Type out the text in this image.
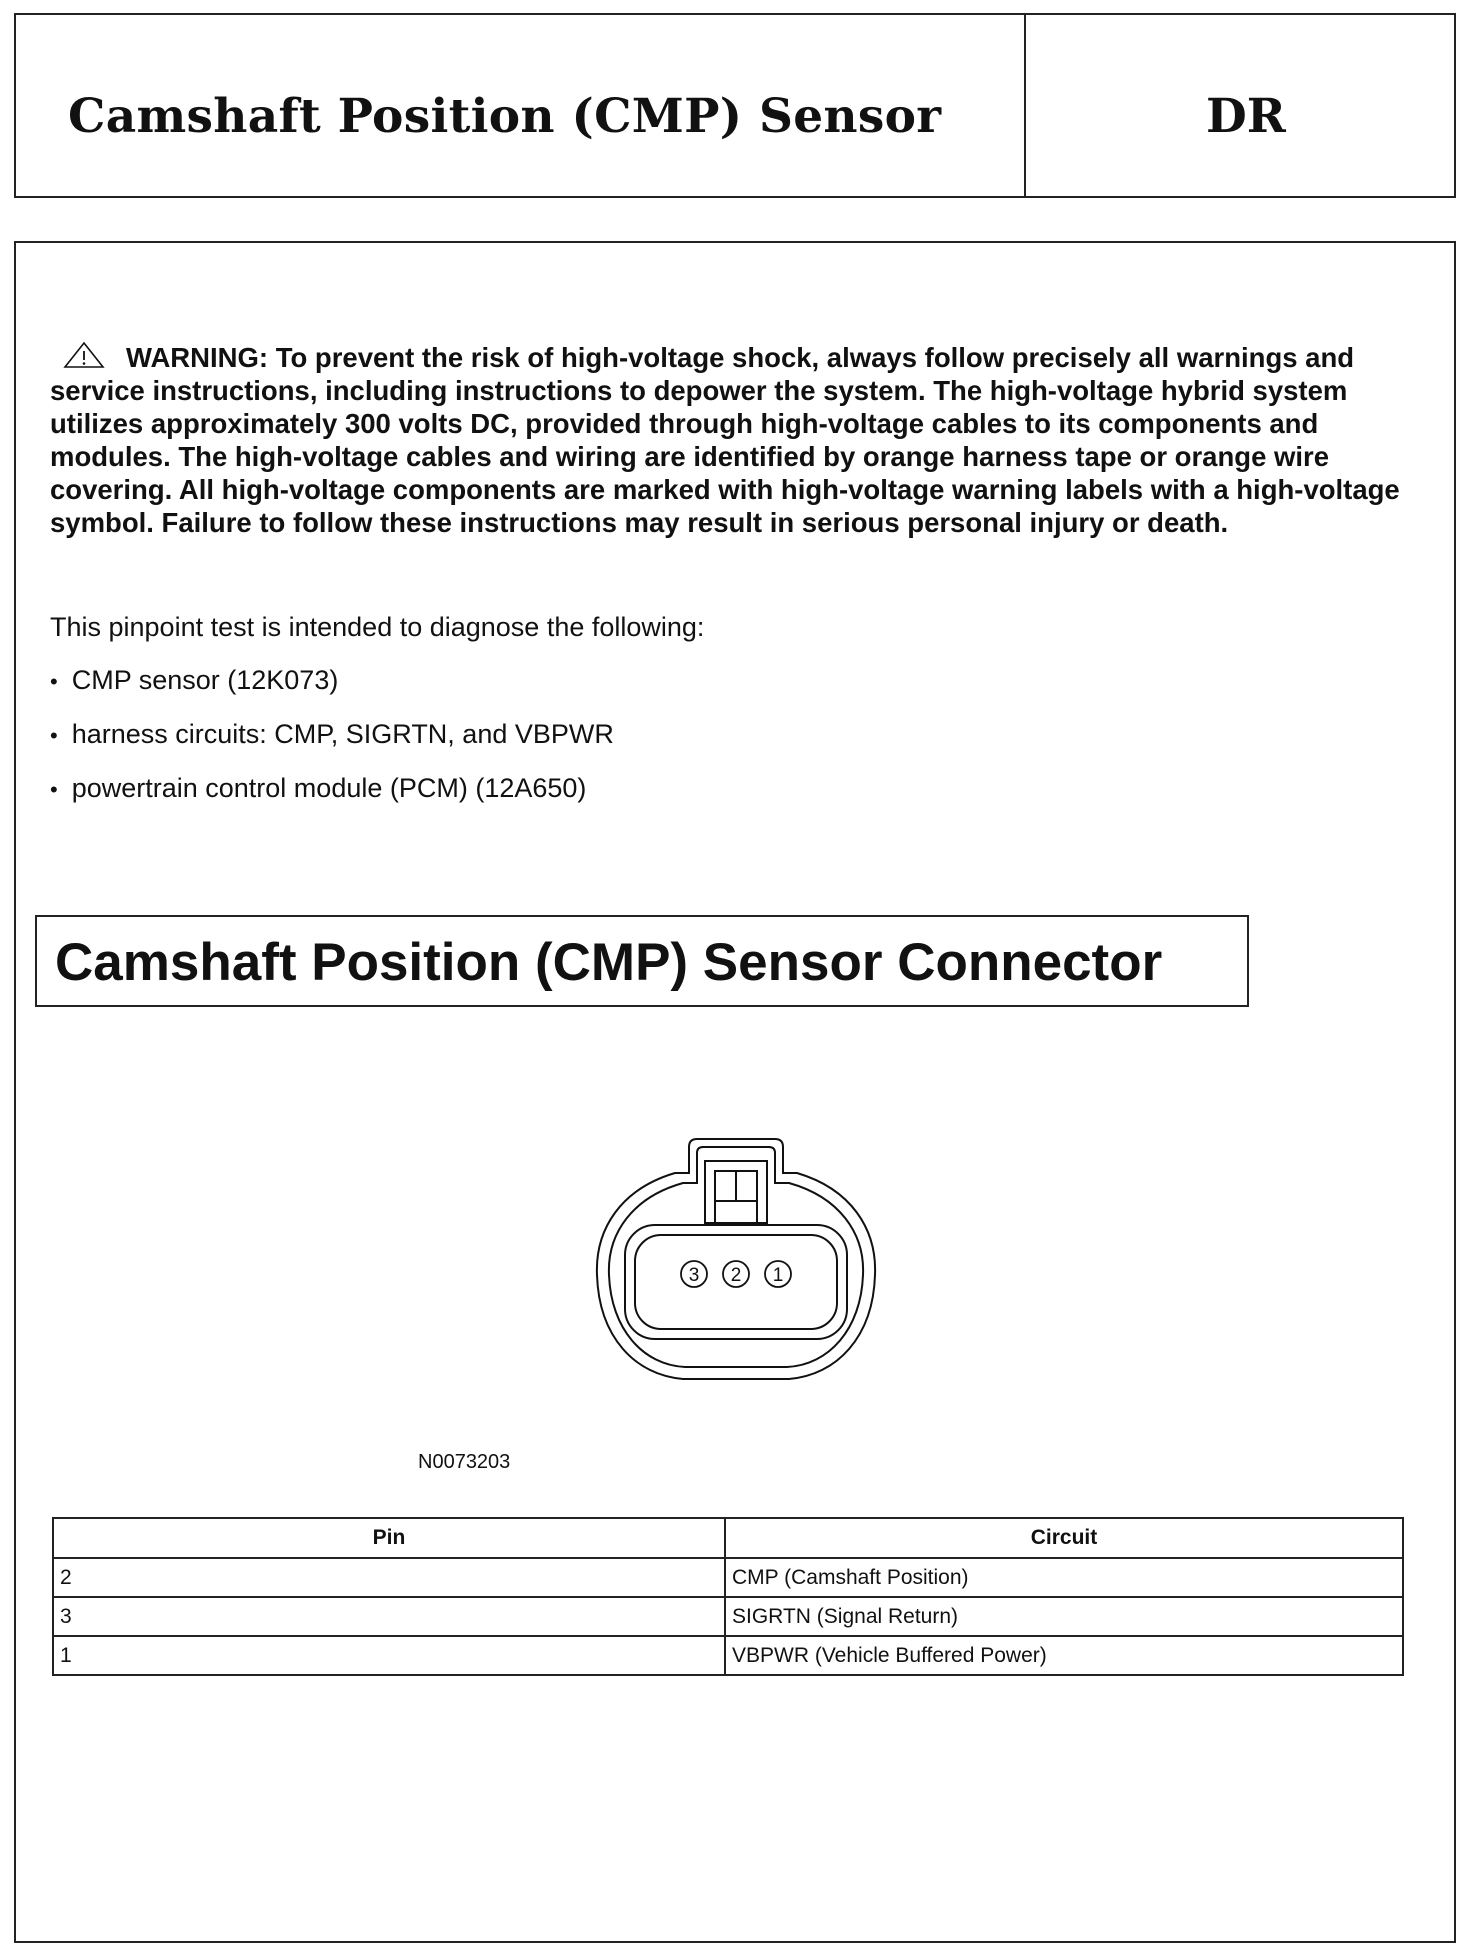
Camshaft Position (CMP) Sensor	DR

WARNING: To prevent the risk of high-voltage shock, always follow precisely all warnings and service instructions, including instructions to depower the system. The high-voltage hybrid system utilizes approximately 300 volts DC, provided through high-voltage cables to its components and modules. The high-voltage cables and wiring are identified by orange harness tape or orange wire covering. All high-voltage components are marked with high-voltage warning labels with a high-voltage symbol. Failure to follow these instructions may result in serious personal injury or death.

This pinpoint test is intended to diagnose the following:

• CMP sensor (12K073)
• harness circuits: CMP, SIGRTN, and VBPWR
• powertrain control module (PCM) (12A650)
Camshaft Position (CMP) Sensor Connector
3 2 1
N0073203
Pin	Circuit
2	CMP (Camshaft Position)
3	SIGRTN (Signal Return)
1	VBPWR (Vehicle Buffered Power)
